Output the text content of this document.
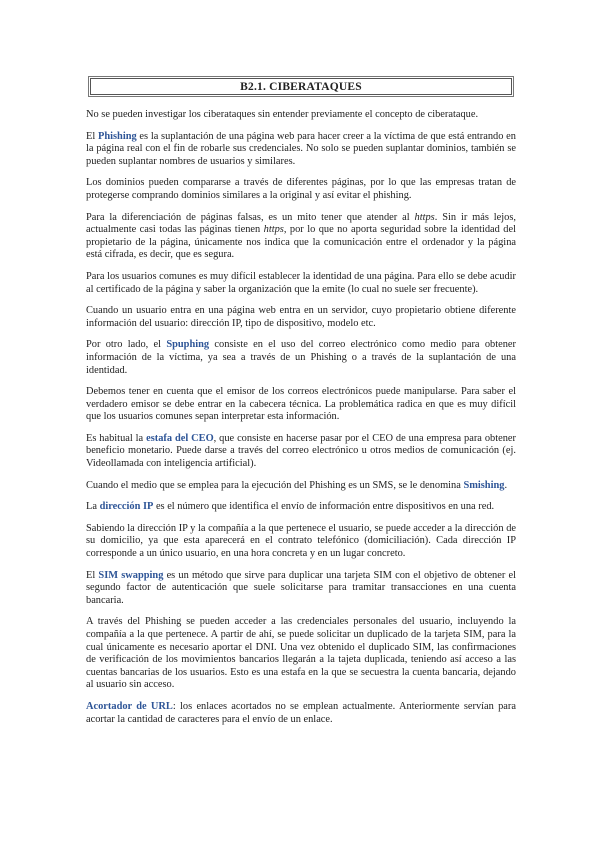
B2.1. CIBERATAQUES

No se pueden investigar los ciberataques sin entender previamente el concepto de ciberataque.

El Phishing es la suplantación de una página web para hacer creer a la víctima de que está entrando en la página real con el fin de robarle sus credenciales. No solo se pueden suplantar dominios, también se pueden suplantar nombres de usuarios y similares.

Los dominios pueden compararse a través de diferentes páginas, por lo que las empresas tratan de protegerse comprando dominios similares a la original y así evitar el phishing.

Para la diferenciación de páginas falsas, es un mito tener que atender al https. Sin ir más lejos, actualmente casi todas las páginas tienen https, por lo que no aporta seguridad sobre la identidad del propietario de la página, únicamente nos indica que la comunicación entre el ordenador y la página está cifrada, es decir, que es segura.

Para los usuarios comunes es muy difícil establecer la identidad de una página. Para ello se debe acudir al certificado de la página y saber la organización que la emite (lo cual no suele ser frecuente).

Cuando un usuario entra en una página web entra en un servidor, cuyo propietario obtiene diferente información del usuario: dirección IP, tipo de dispositivo, modelo etc.

Por otro lado, el Spuphing consiste en el uso del correo electrónico como medio para obtener información de la víctima, ya sea a través de un Phishing o a través de la suplantación de una identidad.

Debemos tener en cuenta que el emisor de los correos electrónicos puede manipularse. Para saber el verdadero emisor se debe entrar en la cabecera técnica. La problemática radica en que es muy difícil que los usuarios comunes sepan interpretar esta información.

Es habitual la estafa del CEO, que consiste en hacerse pasar por el CEO de una empresa para obtener beneficio monetario. Puede darse a través del correo electrónico u otros medios de comunicación (ej. Videollamada con inteligencia artificial).

Cuando el medio que se emplea para la ejecución del Phishing es un SMS, se le denomina Smishing.

La dirección IP es el número que identifica el envío de información entre dispositivos en una red.

Sabiendo la dirección IP y la compañía a la que pertenece el usuario, se puede acceder a la dirección de su domicilio, ya que esta aparecerá en el contrato telefónico (domiciliación). Cada dirección IP corresponde a un único usuario, en una hora concreta y en un lugar concreto.

El SIM swapping es un método que sirve para duplicar una tarjeta SIM con el objetivo de obtener el segundo factor de autenticación que suele solicitarse para tramitar transacciones en una cuenta bancaria.

A través del Phishing se pueden acceder a las credenciales personales del usuario, incluyendo la compañía a la que pertenece. A partir de ahí, se puede solicitar un duplicado de la tarjeta SIM, para la cual únicamente es necesario aportar el DNI. Una vez obtenido el duplicado SIM, las confirmaciones de verificación de los movimientos bancarios llegarán a la tajeta duplicada, teniendo así acceso a las cuentas bancarias de los usuarios. Esto es una estafa en la que se secuestra la cuenta bancaria, dejando al usuario sin acceso.

Acortador de URL: los enlaces acortados no se emplean actualmente. Anteriormente servían para acortar la cantidad de caracteres para el envío de un enlace.
